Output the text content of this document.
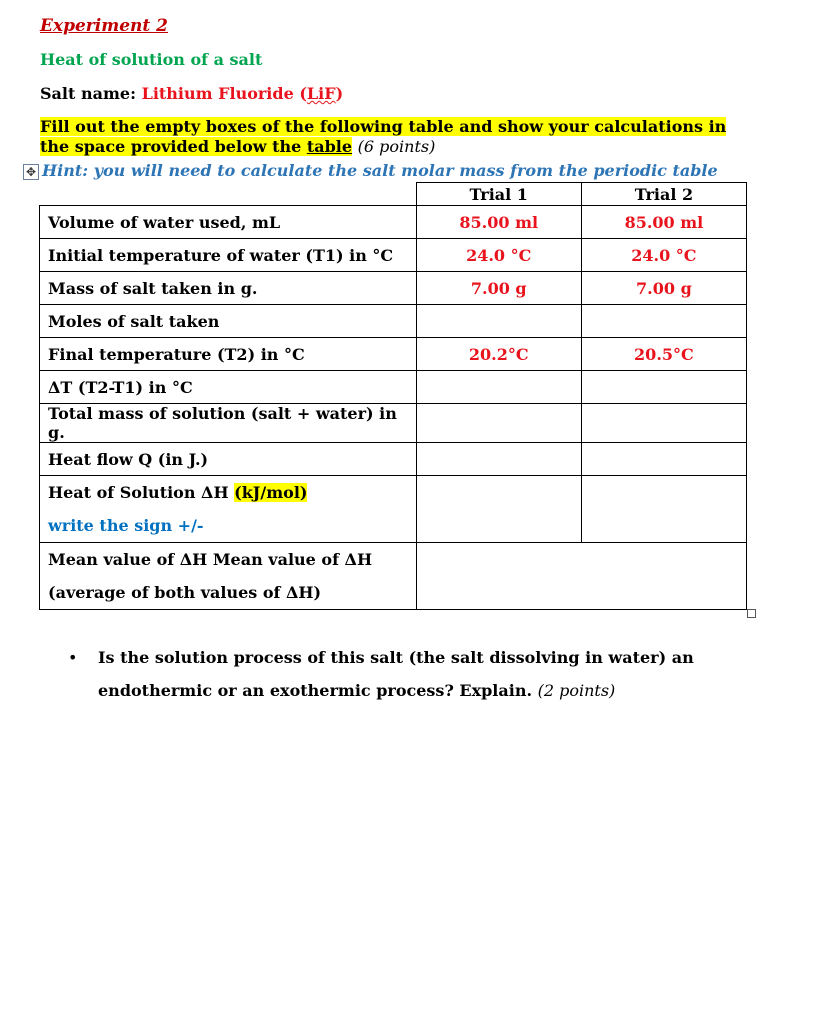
Experiment 2
Heat of solution of a salt
Salt name: Lithium Fluoride (LiF)
Fill out the empty boxes of the following table and show your calculations in the space provided below the table (6 points)
✥ Hint: you will need to calculate the salt molar mass from the periodic table
	Trial 1	Trial 2
Volume of water used, mL	85.00 ml	85.00 ml
Initial temperature of water (T1) in °C	24.0 °C	24.0 °C
Mass of salt taken in g.	7.00 g	7.00 g
Moles of salt taken		
Final temperature (T2) in °C	20.2°C	20.5°C
ΔT (T2-T1) in °C		
Total mass of solution (salt + water) in g.		
Heat flow Q (in J.)		
Heat of Solution ΔH (kJ/mol)
write the sign +/-		
Mean value of ΔH Mean value of ΔH
(average of both values of ΔH)		
• Is the solution process of this salt (the salt dissolving in water) an endothermic or an exothermic process? Explain. (2 points)
